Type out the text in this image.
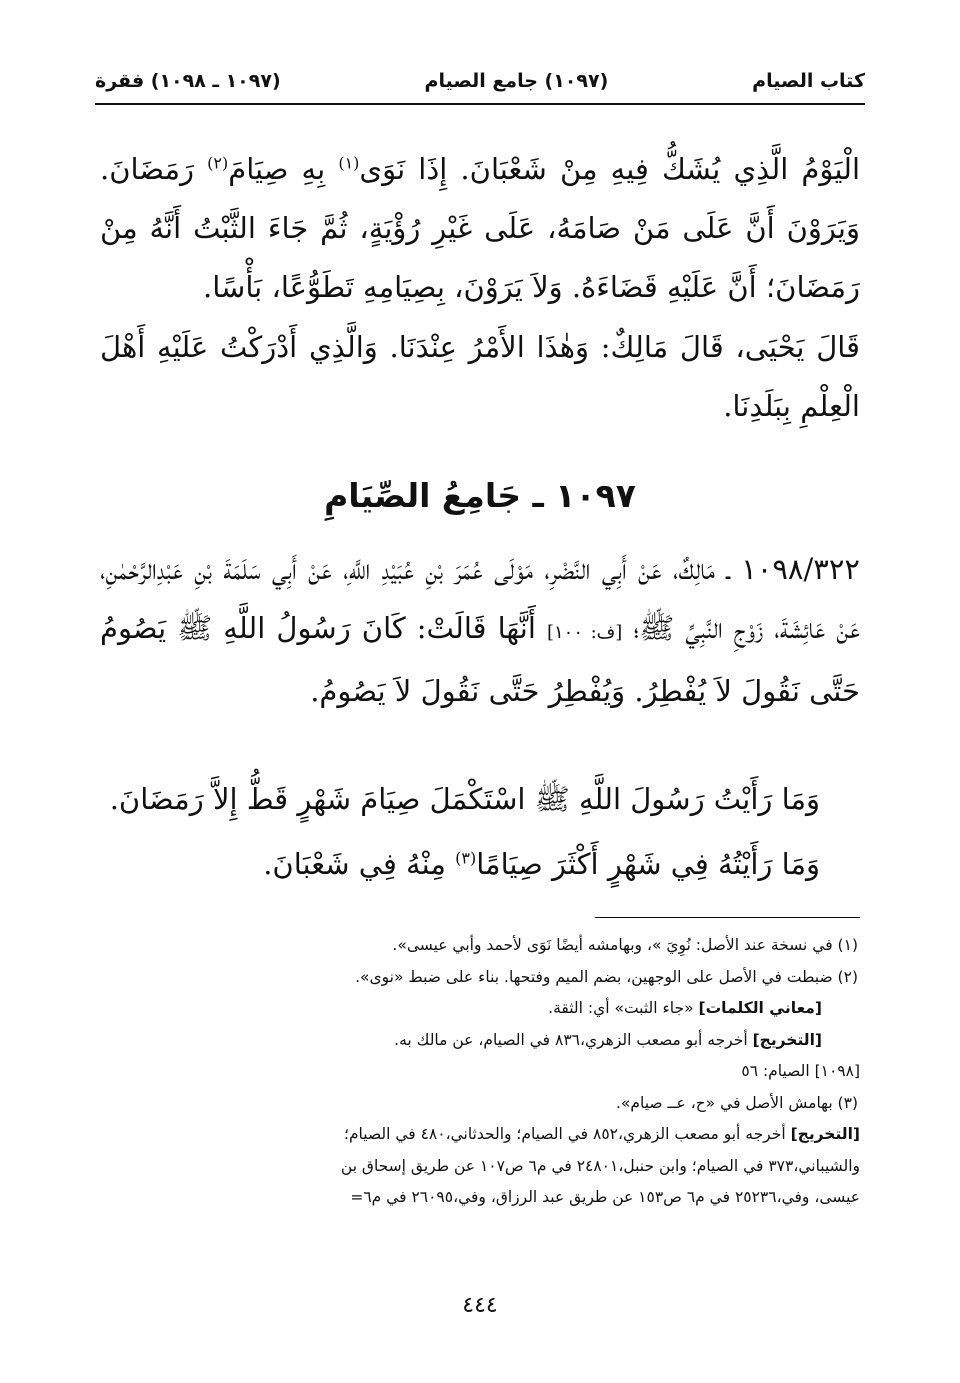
كتاب الصيام
(١٠٩٧) جامع الصيام
(١٠٩٧ ـ ١٠٩٨) فقرة

الْيَوْمُ الَّذِي يُشَكُّ فِيهِ مِنْ شَعْبَانَ. إِذَا نَوَى$^{(١)}$ بِهِ صِيَامَ$^{(٢)}$ رَمَضَانَ. وَيَرَوْنَ أَنَّ عَلَى مَنْ صَامَهُ، عَلَى غَيْرِ رُؤْيَةٍ، ثُمَّ جَاءَ الثَّبْتُ أَنَّهُ مِنْ رَمَضَانَ؛ أَنَّ عَلَيْهِ قَضَاءَهُ. وَلاَ يَرَوْنَ، بِصِيَامِهِ تَطَوُّعًا، بَأْسًا.

قَالَ يَحْيَى، قَالَ مَالِكٌ: وَهٰذَا الأَمْرُ عِنْدَنَا. وَالَّذِي أَدْرَكْتُ عَلَيْهِ أَهْلَ الْعِلْمِ بِبَلَدِنَا.

١٠٩٧ ـ جَامِعُ الصِّيَامِ

١٠٩٨/٣٢٢ ـ مَالِكٌ، عَنْ أَبِي النَّضْرِ، مَوْلَى عُمَرَ بْنِ عُبَيْدِ اللَّهِ، عَنْ أَبِي سَلَمَةَ بْنِ عَبْدِالرَّحْمٰنِ، عَنْ عَائِشَةَ، زَوْجِ النَّبِيِّ ﷺ؛ [ف: ١٠٠] أَنَّهَا قَالَتْ: كَانَ رَسُولُ اللَّهِ ﷺ يَصُومُ حَتَّى نَقُولَ لاَ يُفْطِرُ. وَيُفْطِرُ حَتَّى نَقُولَ لاَ يَصُومُ.

وَمَا رَأَيْتُ رَسُولَ اللَّهِ ﷺ اسْتَكْمَلَ صِيَامَ شَهْرٍ قَطُّ إِلاَّ رَمَضَانَ.

وَمَا رَأَيْتُهُ فِي شَهْرٍ أَكْثَرَ صِيَامًا$^{(٣)}$ مِنْهُ فِي شَعْبَانَ.

(١) في نسخة عند الأصل: نُوِيَ »، وبهامشه أيضًا نَوَى لأحمد وأبي عيسى».
(٢) ضبطت في الأصل على الوجهين، بضم الميم وفتحها. بناء على ضبط «نوى».
[معاني الكلمات] «جاء الثبت» أي: الثقة.
[التخريج] أخرجه أبو مصعب الزهري،٨٣٦ في الصيام، عن مالك به.
[١٠٩٨] الصيام: ٥٦
(٣) بهامش الأصل في «ح، عــ صيام».
[التخريج] أخرجه أبو مصعب الزهري،٨٥٢ في الصيام؛ والحدثاني،٤٨٠ في الصيام؛
والشيباني،٣٧٣ في الصيام؛ وابن حنبل،٢٤٨٠١ في م٦ ص١٠٧ عن طريق إسحاق بن
عيسى، وفي،٢٥٢٣٦ في م٦ ص١٥٣ عن طريق عبد الرزاق، وفي،٢٦٠٩٥ في م٦=
٤٤٤
